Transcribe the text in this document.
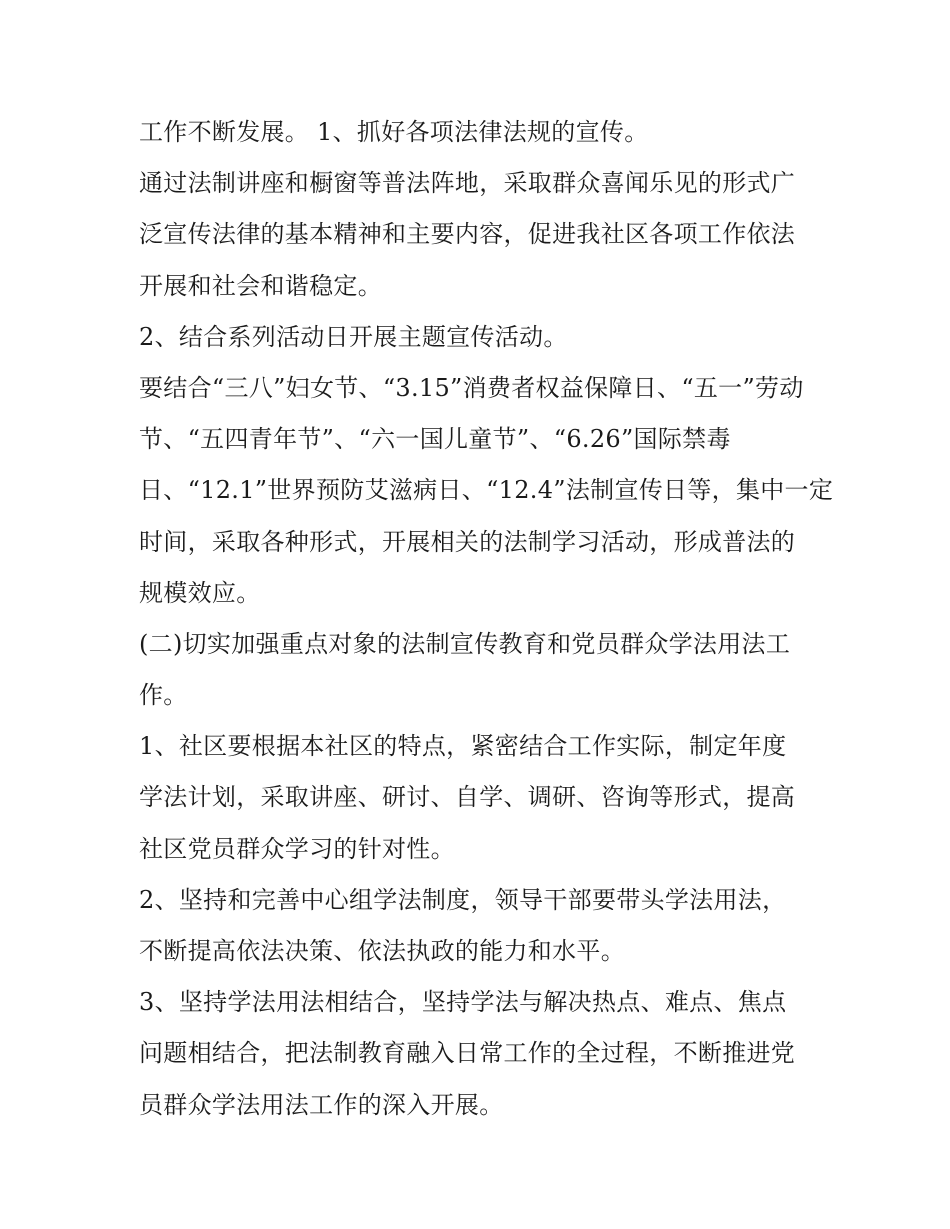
工作不断发展。 1、抓好各项法律法规的宣传。
通过法制讲座和橱窗等普法阵地，采取群众喜闻乐见的形式广
泛宣传法律的基本精神和主要内容，促进我社区各项工作依法
开展和社会和谐稳定。
2、结合系列活动日开展主题宣传活动。
要结合“三八”妇女节、“3.15”消费者权益保障日、“五一”劳动
节、“五四青年节”、“六一国儿童节”、“6.26”国际禁毒
日、“12.1”世界预防艾滋病日、“12.4”法制宣传日等，集中一定
时间，采取各种形式，开展相关的法制学习活动，形成普法的
规模效应。
(二)切实加强重点对象的法制宣传教育和党员群众学法用法工
作。
1、社区要根据本社区的特点，紧密结合工作实际，制定年度
学法计划，采取讲座、研讨、自学、调研、咨询等形式，提高
社区党员群众学习的针对性。
2、坚持和完善中心组学法制度，领导干部要带头学法用法，
不断提高依法决策、依法执政的能力和水平。
3、坚持学法用法相结合，坚持学法与解决热点、难点、焦点
问题相结合，把法制教育融入日常工作的全过程，不断推进党
员群众学法用法工作的深入开展。
